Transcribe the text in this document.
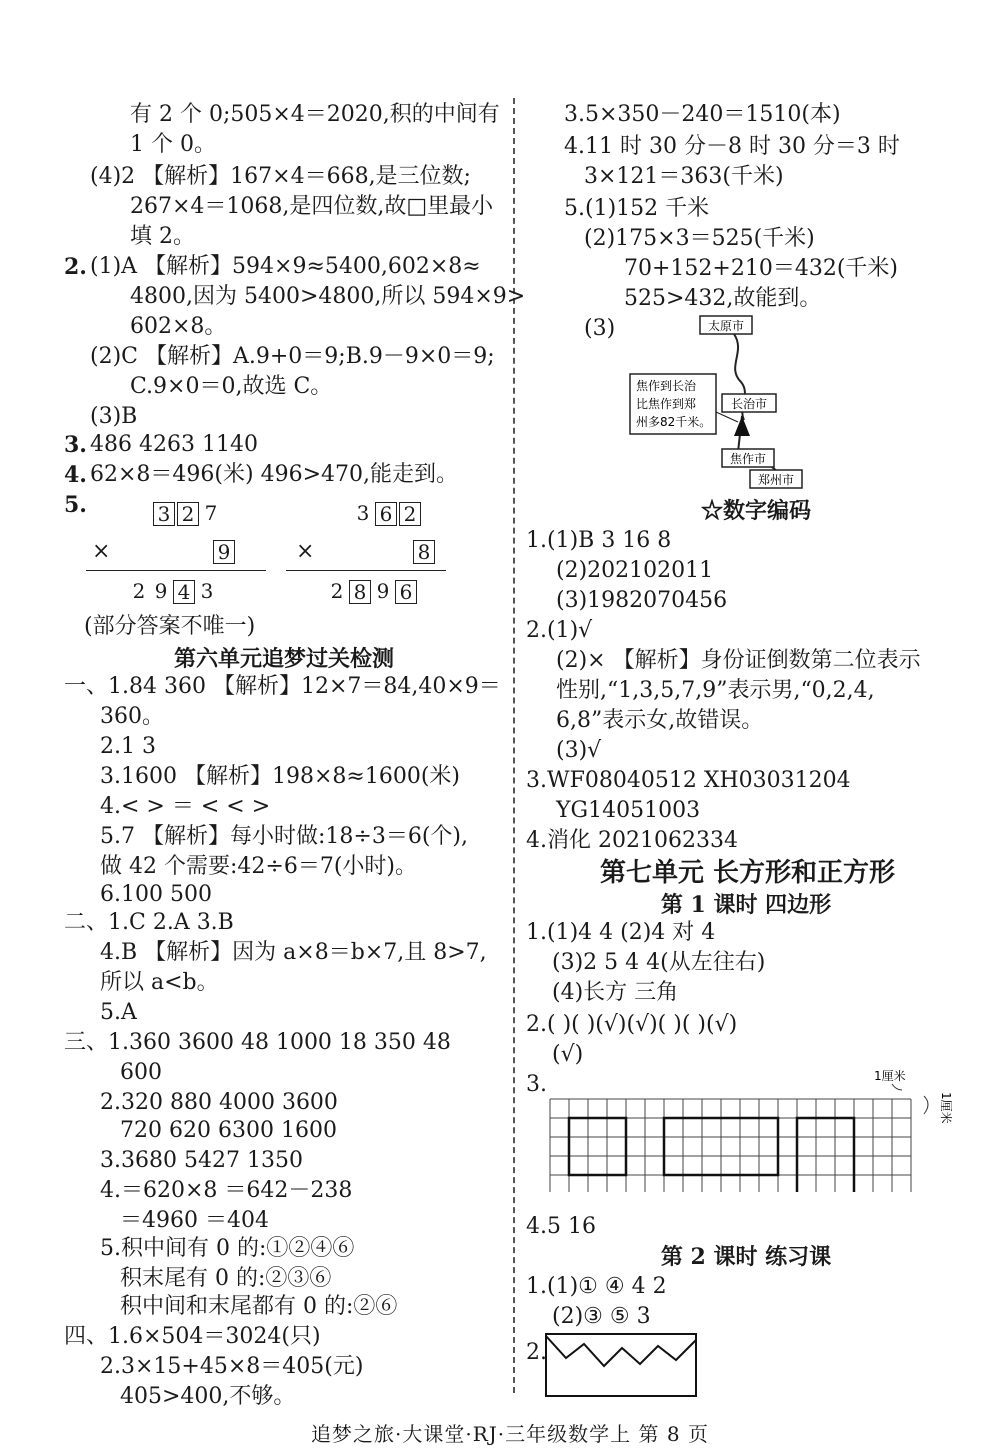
有 2 个 0;505×4＝2020,积的中间有
1 个 0。
(4)2 【解析】167×4＝668,是三位数;
267×4＝1068,是四位数,故□里最小
填 2。
2. (1)A 【解析】594×9≈5400,602×8≈
4800,因为 5400>4800,所以 594×9>
602×8。
(2)C 【解析】A.9+0＝9;B.9－9×0＝9;
C.9×0＝0,故选 C。
(3)B
3. 486 4263 1140
4. 62×8＝496(米) 496>470,能走到。
5.	3 2 7
×	9
2 9 4 3
3 6 2
×	8
2 8 9 6
(部分答案不唯一)
第六单元追梦过关检测
一、1.84 360 【解析】12×7＝84,40×9＝
360。
2.1 3
3.1600 【解析】198×8≈1600(米)
4.< > ＝ < < >
5.7 【解析】每小时做:18÷3＝6(个),
做 42 个需要:42÷6＝7(小时)。
6.100 500
二、1.C 2.A 3.B
4.B 【解析】因为 a×8＝b×7,且 8>7,
所以 a<b。
5.A
三、1.360 3600 48 1000 18 350 48
600
2.320 880 4000 3600
720 620 6300 1600
3.3680 5427 1350
4.＝620×8 ＝642－238
＝4960 ＝404
5.积中间有 0 的:①②④⑥
积末尾有 0 的:②③⑥
积中间和末尾都有 0 的:②⑥
四、1.6×504＝3024(只)
2.3×15+45×8＝405(元)
405>400,不够。
3.5×350－240＝1510(本)
4.11 时 30 分－8 时 30 分＝3 时
3×121＝363(千米)
5.(1)152 千米
(2)175×3＝525(千米)
70+152+210＝432(千米)
525>432,故能到。
(3)	太原市
长治市
焦作到长治
比焦作到郑
州多82千米。
焦作市
郑州市
☆数字编码
1.(1)B 3 16 8
(2)202102011
(3)1982070456
2.(1)√
(2)× 【解析】身份证倒数第二位表示
性别,“1,3,5,7,9”表示男,“0,2,4,
6,8”表示女,故错误。
(3)√
3.WF08040512 XH03031204
YG14051003
4.消化 2021062334
第七单元 长方形和正方形
第 1 课时 四边形
1.(1)4 4 (2)4 对 4
(3)2 5 4 4(从左往右)
(4)长方 三角
2.( )( )(√)(√)( )( )(√)
(√)
3.	1厘米
1厘米
4.5 16
第 2 课时 练习课
1.(1)① ④ 4 2
(2)③ ⑤ 3
2.
追梦之旅·大课堂·RJ·三年级数学上 第 8 页
